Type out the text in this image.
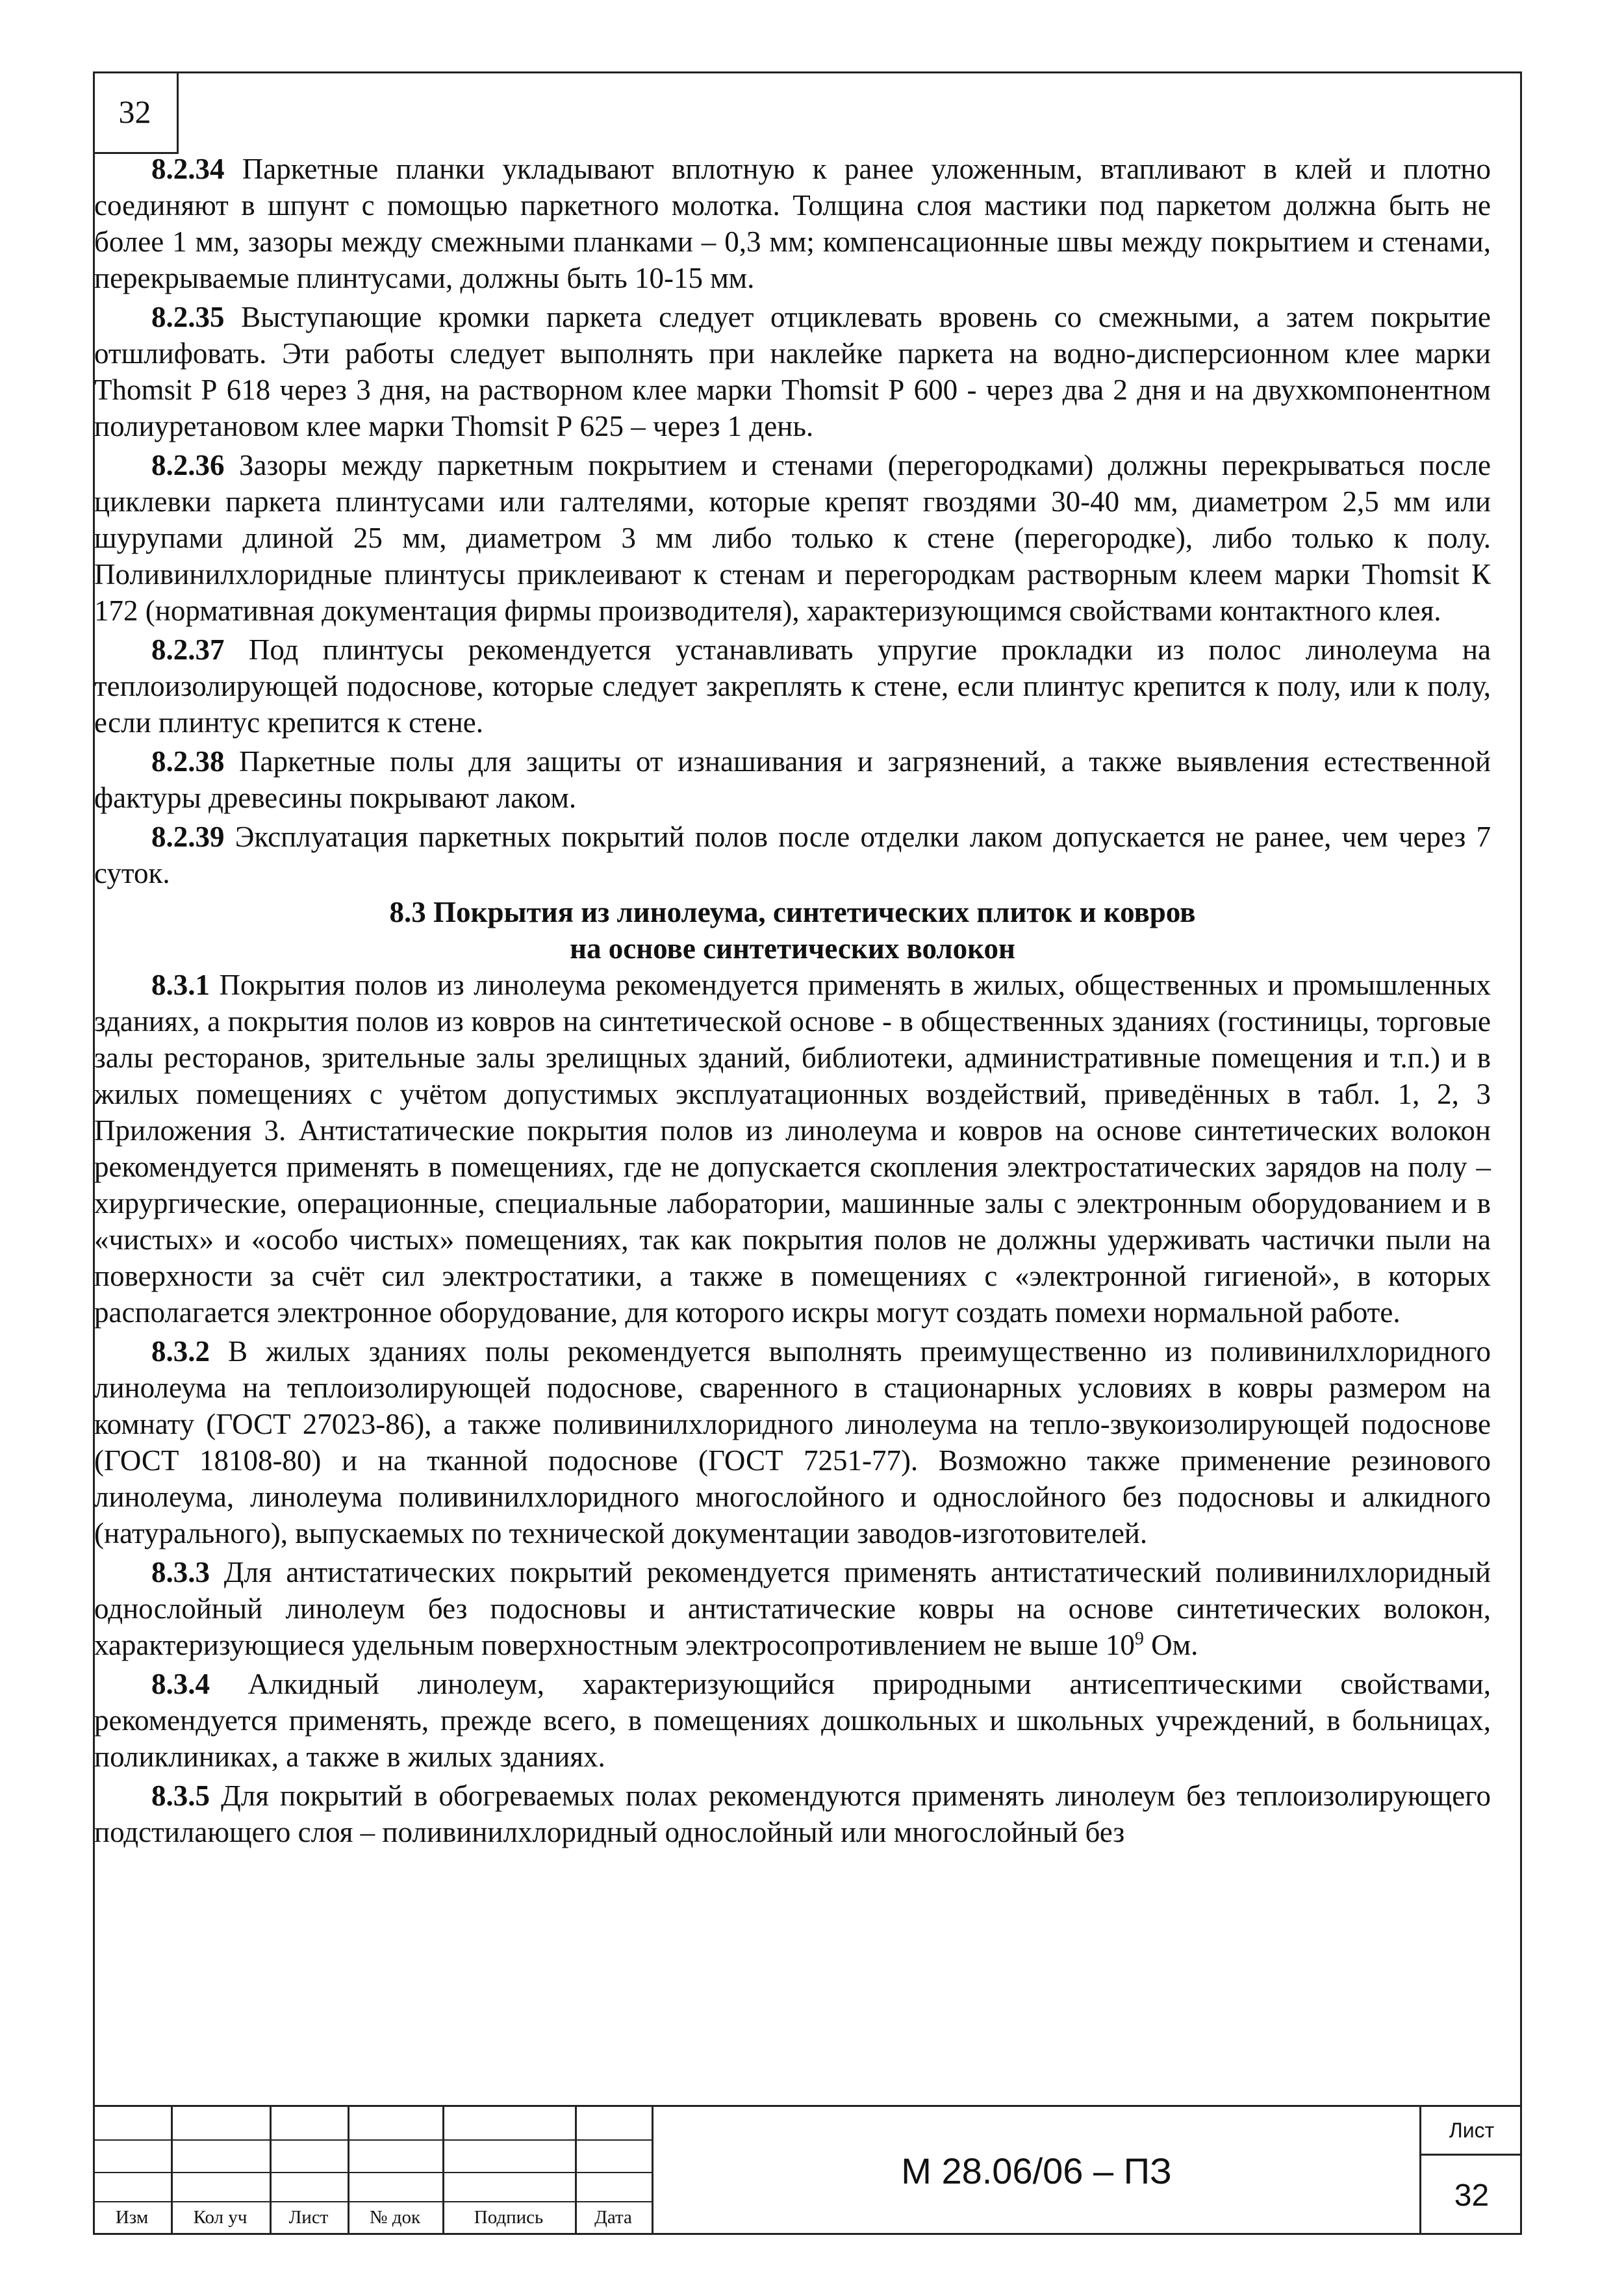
32

8.2.34 Паркетные планки укладывают вплотную к ранее уложенным, втапливают в клей и плотно соединяют в шпунт с помощью паркетного молотка. Толщина слоя мастики под паркетом должна быть не более 1 мм, зазоры между смежными планками – 0,3 мм; компенсационные швы между покрытием и стенами, перекрываемые плинтусами, должны быть 10-15 мм.

8.2.35 Выступающие кромки паркета следует отциклевать вровень со смежными, а затем покрытие отшлифовать. Эти работы следует выполнять при наклейке паркета на водно-дисперсионном клее марки Thomsit Р 618 через 3 дня, на растворном клее марки Thomsit Р 600 - через два 2 дня и на двухкомпонентном полиуретановом клее марки Thomsit Р 625 – через 1 день.

8.2.36 Зазоры между паркетным покрытием и стенами (перегородками) должны перекрываться после циклевки паркета плинтусами или галтелями, которые крепят гвоздями 30-40 мм, диаметром 2,5 мм или шурупами длиной 25 мм, диаметром 3 мм либо только к стене (перегородке), либо только к полу. Поливинилхлоридные плинтусы приклеивают к стенам и перегородкам растворным клеем марки Thomsit К 172 (нормативная документация фирмы производителя), характеризующимся свойствами контактного клея.

8.2.37 Под плинтусы рекомендуется устанавливать упругие прокладки из полос линолеума на теплоизолирующей подоснове, которые следует закреплять к стене, если плинтус крепится к полу, или к полу, если плинтус крепится к стене.

8.2.38 Паркетные полы для защиты от изнашивания и загрязнений, а также выявления естественной фактуры древесины покрывают лаком.

8.2.39 Эксплуатация паркетных покрытий полов после отделки лаком допускается не ранее, чем через 7 суток.

8.3 Покрытия из линолеума, синтетических плиток и ковров

на основе синтетических волокон

8.3.1 Покрытия полов из линолеума рекомендуется применять в жилых, общественных и промышленных зданиях, а покрытия полов из ковров на синтетической основе - в общественных зданиях (гостиницы, торговые залы ресторанов, зрительные залы зрелищных зданий, библиотеки, административные помещения и т.п.) и в жилых помещениях с учётом допустимых эксплуатационных воздействий, приведённых в табл. 1, 2, 3 Приложения 3. Антистатические покрытия полов из линолеума и ковров на основе синтетических волокон рекомендуется применять в помещениях, где не допускается скопления электростатических зарядов на полу – хирургические, операционные, специальные лаборатории, машинные залы с электронным оборудованием и в «чистых» и «особо чистых» помещениях, так как покрытия полов не должны удерживать частички пыли на поверхности за счёт сил электростатики, а также в помещениях с «электронной гигиеной», в которых располагается электронное оборудование, для которого искры могут создать помехи нормальной работе.

8.3.2 В жилых зданиях полы рекомендуется выполнять преимущественно из поливинилхлоридного линолеума на теплоизолирующей подоснове, сваренного в стационарных условиях в ковры размером на комнату (ГОСТ 27023-86), а также поливинилхлоридного линолеума на тепло-звукоизолирующей подоснове (ГОСТ 18108-80) и на тканной подоснове (ГОСТ 7251-77). Возможно также применение резинового линолеума, линолеума поливинилхлоридного многослойного и однослойного без подосновы и алкидного (натурального), выпускаемых по технической документации заводов-изготовителей.

8.3.3 Для антистатических покрытий рекомендуется применять антистатический поливинилхлоридный однослойный линолеум без подосновы и антистатические ковры на основе синтетических волокон, характеризующиеся удельным поверхностным электросопротивлением не выше $10^9$ Ом.

8.3.4 Алкидный линолеум, характеризующийся природными антисептическими свойствами, рекомендуется применять, прежде всего, в помещениях дошкольных и школьных учреждений, в больницах, поликлиниках, а также в жилых зданиях.

8.3.5 Для покрытий в обогреваемых полах рекомендуются применять линолеум без теплоизолирующего подстилающего слоя – поливинилхлоридный однослойный или многослойный без

Изм	Кол уч	Лист	№ док	Подпись	Дата
М 28.06/06 – ПЗ
Лист
32
